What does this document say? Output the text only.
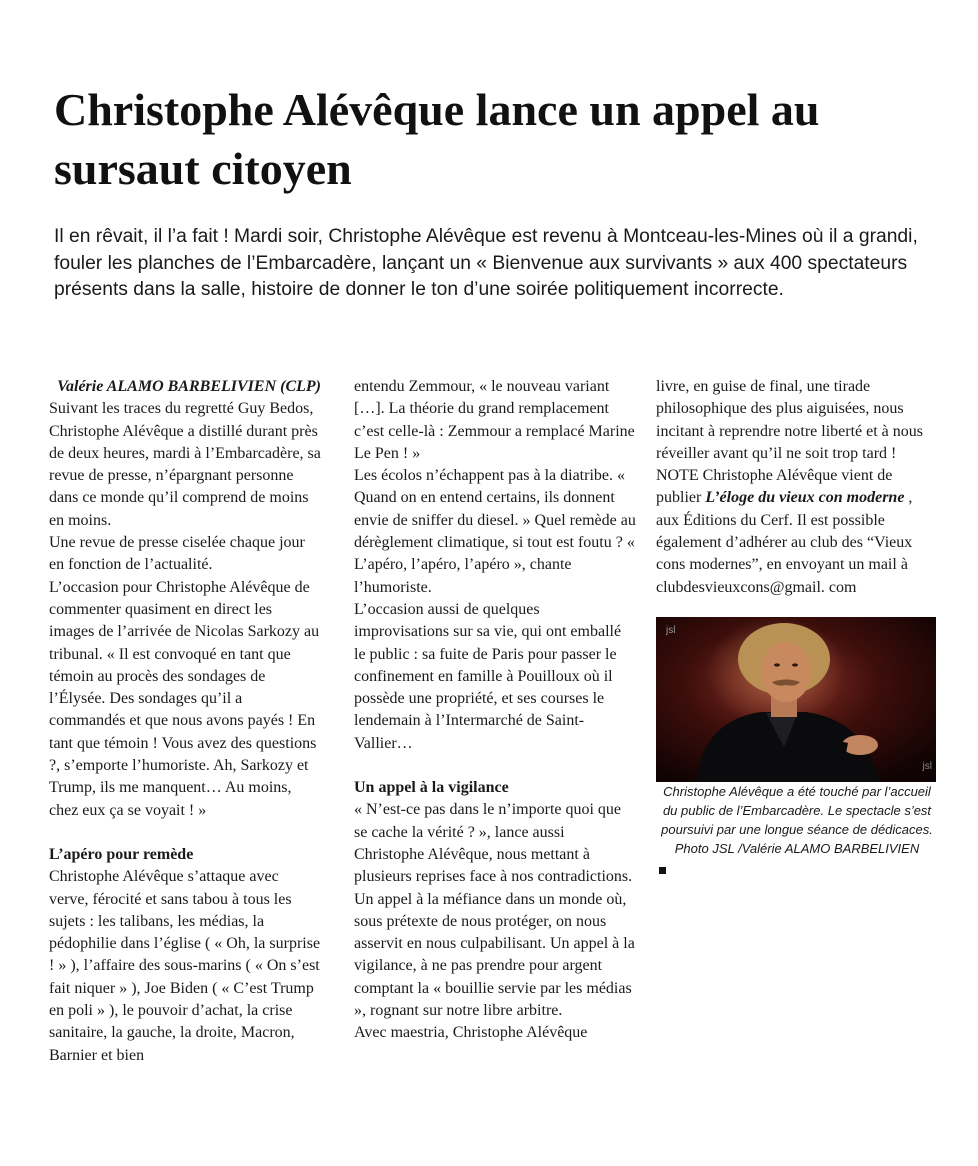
Christophe Alévêque lance un appel au sursaut citoyen

Il en rêvait, il l’a fait ! Mardi soir, Christophe Alévêque est revenu à Montceau-les-Mines où il a grandi, fouler les planches de l’Embarcadère, lançant un « Bienvenue aux survivants » aux 400 spectateurs présents dans la salle, histoire de donner le ton d’une soirée politiquement incorrecte.

Valérie ALAMO BARBELIVIEN (CLP)

Suivant les traces du regretté Guy Bedos, Christophe Alévêque a distillé durant près de deux heures, mardi à l’Embarcadère, sa revue de presse, n’épargnant personne dans ce monde qu’il comprend de moins en moins.

Une revue de presse ciselée chaque jour en fonction de l’actualité.

L’occasion pour Christophe Alévêque de commenter quasiment en direct les images de l’arrivée de Nicolas Sarkozy au tribunal. « Il est convoqué en tant que témoin au procès des sondages de l’Élysée. Des sondages qu’il a commandés et que nous avons payés ! En tant que témoin ! Vous avez des questions ?, s’emporte l’humoriste. Ah, Sarkozy et Trump, ils me manquent… Au moins, chez eux ça se voyait ! »

L’apéro pour remède

Christophe Alévêque s’attaque avec verve, férocité et sans tabou à tous les sujets : les talibans, les médias, la pédophilie dans l’église ( « Oh, la surprise ! » ), l’affaire des sous-marins ( « On s’est fait niquer » ), Joe Biden ( « C’est Trump en poli » ), le pouvoir d’achat, la crise sanitaire, la gauche, la droite, Macron, Barnier et bien

entendu Zemmour, « le nouveau variant […]. La théorie du grand remplacement c’est celle-là : Zemmour a remplacé Marine Le Pen ! »

Les écolos n’échappent pas à la diatribe. « Quand on en entend certains, ils donnent envie de sniffer du diesel. » Quel remède au dérèglement climatique, si tout est foutu ? « L’apéro, l’apéro, l’apéro », chante l’humoriste.

L’occasion aussi de quelques improvisations sur sa vie, qui ont emballé le public : sa fuite de Paris pour passer le confinement en famille à Pouilloux où il possède une propriété, et ses courses le lendemain à l’Intermarché de Saint-Vallier…

Un appel à la vigilance

« N’est-ce pas dans le n’importe quoi que se cache la vérité ? », lance aussi Christophe Alévêque, nous mettant à plusieurs reprises face à nos contradictions. Un appel à la méfiance dans un monde où, sous prétexte de nous protéger, on nous asservit en nous culpabilisant. Un appel à la vigilance, à ne pas prendre pour argent comptant la « bouillie servie par les médias », rognant sur notre libre arbitre.

Avec maestria, Christophe Alévêque

livre, en guise de final, une tirade philosophique des plus aiguisées, nous incitant à reprendre notre liberté et à nous réveiller avant qu’il ne soit trop tard !

NOTE Christophe Alévêque vient de publier L’éloge du vieux con moderne , aux Éditions du Cerf. Il est possible également d’adhérer au club des “Vieux cons modernes”, en envoyant un mail à clubdesvieuxcons@gmail. com

jsl
jsl

Christophe Alévêque a été touché par l’accueil du public de l’Embarcadère. Le spectacle s’est poursuivi par une longue séance de dédicaces. Photo JSL /Valérie ALAMO BARBELIVIEN
